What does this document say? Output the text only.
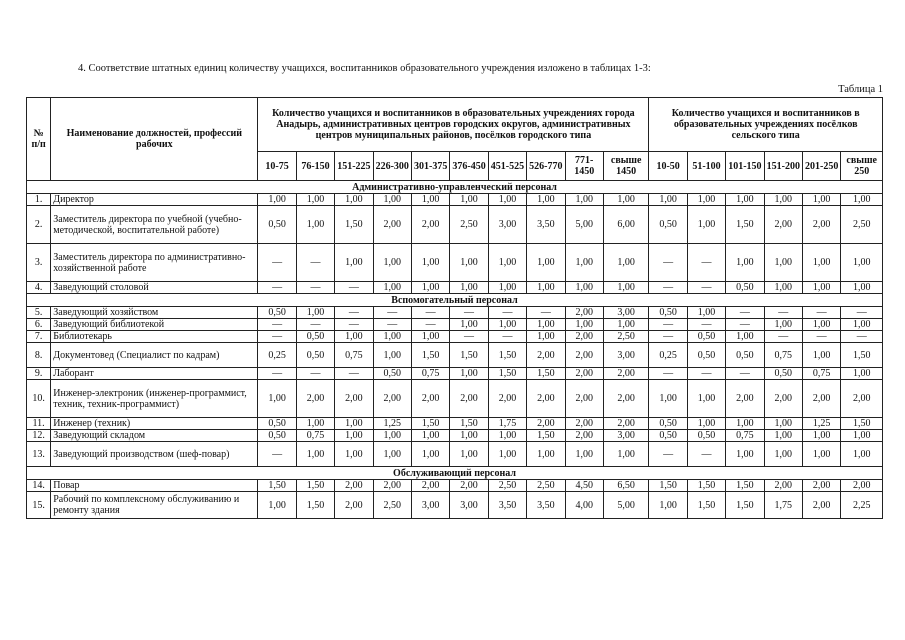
4. Соответствие штатных единиц количеству учащихся, воспитанников образовательного учреждения изложено в таблицах 1-3:
Таблица 1
№ п/п	Наименование должностей, профессий рабочих	Количество учащихся и воспитанников в образовательных учреждениях города Анадырь, административных центров городских округов, административных центров муниципальных районов, посёлков городского типа										Количество учащихся и воспитанников в образовательных учреждениях посёлков сельского типа					
		10-75	76-150	151-225	226-300	301-375	376-450	451-525	526-770	771-1450	свыше 1450	10-50	51-100	101-150	151-200	201-250	свыше 250
Административно-управленческий персонал																	
1.	Директор	1,00	1,00	1,00	1,00	1,00	1,00	1,00	1,00	1,00	1,00	1,00	1,00	1,00	1,00	1,00	1,00
2.	Заместитель директора по учебной (учебно-методической, воспитательной работе)	0,50	1,00	1,50	2,00	2,00	2,50	3,00	3,50	5,00	6,00	0,50	1,00	1,50	2,00	2,00	2,50
3.	Заместитель директора по административно- хозяйственной работе	—	—	1,00	1,00	1,00	1,00	1,00	1,00	1,00	1,00	—	—	1,00	1,00	1,00	1,00
4.	Заведующий столовой	—	—	—	1,00	1,00	1,00	1,00	1,00	1,00	1,00	—	—	0,50	1,00	1,00	1,00
Вспомогательный персонал																	
5.	Заведующий хозяйством	0,50	1,00	—	—	—	—	—	—	2,00	3,00	0,50	1,00	—	—	—	—
6.	Заведующий библиотекой	—	—	—	—	—	1,00	1,00	1,00	1,00	1,00	—	—	—	1,00	1,00	1,00
7.	Библиотекарь	—	0,50	1,00	1,00	1,00	—	—	1,00	2,00	2,50	—	0,50	1,00	—	—	—
8.	Документовед (Специалист по кадрам)	0,25	0,50	0,75	1,00	1,50	1,50	1,50	2,00	2,00	3,00	0,25	0,50	0,50	0,75	1,00	1,50
9.	Лаборант	—	—	—	0,50	0,75	1,00	1,50	1,50	2,00	2,00	—	—	—	0,50	0,75	1,00
10.	Инженер-электроник (инженер-программист, техник, техник-программист)	1,00	2,00	2,00	2,00	2,00	2,00	2,00	2,00	2,00	2,00	1,00	1,00	2,00	2,00	2,00	2,00
11.	Инженер (техник)	0,50	1,00	1,00	1,25	1,50	1,50	1,75	2,00	2,00	2,00	0,50	1,00	1,00	1,00	1,25	1,50
12.	Заведующий складом	0,50	0,75	1,00	1,00	1,00	1,00	1,00	1,50	2,00	3,00	0,50	0,50	0,75	1,00	1,00	1,00
13.	Заведующий производством (шеф-повар)	—	1,00	1,00	1,00	1,00	1,00	1,00	1,00	1,00	1,00	—	—	1,00	1,00	1,00	1,00
Обслуживающий персонал																	
14.	Повар	1,50	1,50	2,00	2,00	2,00	2,00	2,50	2,50	4,50	6,50	1,50	1,50	1,50	2,00	2,00	2,00
15.	Рабочий по комплексному обслуживанию и ремонту здания	1,00	1,50	2,00	2,50	3,00	3,00	3,50	3,50	4,00	5,00	1,00	1,50	1,50	1,75	2,00	2,25
